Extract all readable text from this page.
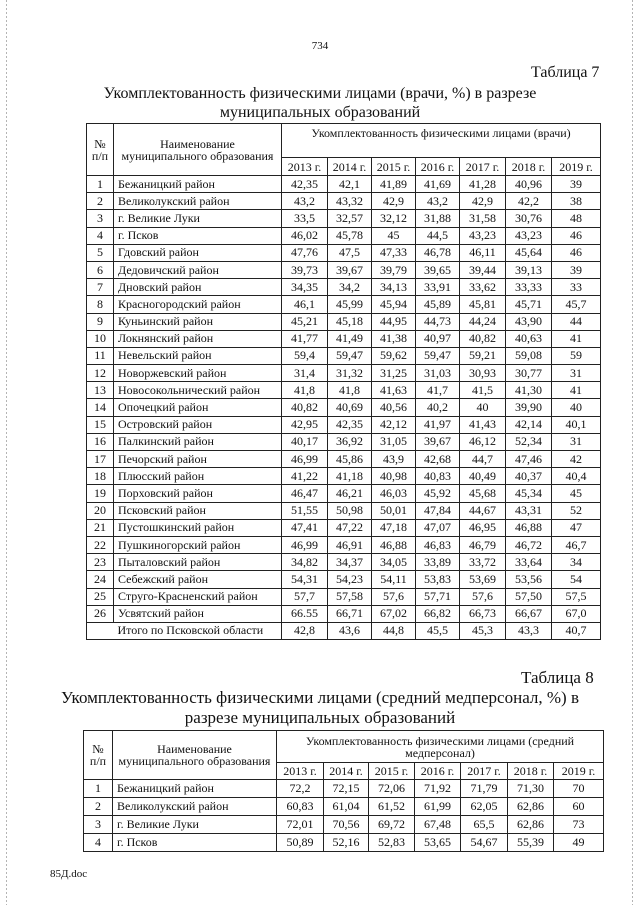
734
Таблица 7
Укомплектованность физическими лицами (врачи, %) в разрезе
муниципальных образований
№ п/п	Наименование муниципального образования	Укомплектованность физическими лицами (врачи)						
		2013 г.	2014 г.	2015 г.	2016 г.	2017 г.	2018 г.	2019 г.
1	Бежаницкий район	42,35	42,1	41,89	41,69	41,28	40,96	39
2	Великолукский район	43,2	43,32	42,9	43,2	42,9	42,2	38
3	г. Великие Луки	33,5	32,57	32,12	31,88	31,58	30,76	48
4	г. Псков	46,02	45,78	45	44,5	43,23	43,23	46
5	Гдовский район	47,76	47,5	47,33	46,78	46,11	45,64	46
6	Дедовичский район	39,73	39,67	39,79	39,65	39,44	39,13	39
7	Дновский район	34,35	34,2	34,13	33,91	33,62	33,33	33
8	Красногородский район	46,1	45,99	45,94	45,89	45,81	45,71	45,7
9	Куньинский район	45,21	45,18	44,95	44,73	44,24	43,90	44
10	Локнянский район	41,77	41,49	41,38	40,97	40,82	40,63	41
11	Невельский район	59,4	59,47	59,62	59,47	59,21	59,08	59
12	Новоржевский район	31,4	31,32	31,25	31,03	30,93	30,77	31
13	Новосокольнический район	41,8	41,8	41,63	41,7	41,5	41,30	41
14	Опочецкий район	40,82	40,69	40,56	40,2	40	39,90	40
15	Островский район	42,95	42,35	42,12	41,97	41,43	42,14	40,1
16	Палкинский район	40,17	36,92	31,05	39,67	46,12	52,34	31
17	Печорский район	46,99	45,86	43,9	42,68	44,7	47,46	42
18	Плюсский район	41,22	41,18	40,98	40,83	40,49	40,37	40,4
19	Порховский район	46,47	46,21	46,03	45,92	45,68	45,34	45
20	Псковский район	51,55	50,98	50,01	47,84	44,67	43,31	52
21	Пустошкинский район	47,41	47,22	47,18	47,07	46,95	46,88	47
22	Пушкиногорский район	46,99	46,91	46,88	46,83	46,79	46,72	46,7
23	Пыталовский район	34,82	34,37	34,05	33,89	33,72	33,64	34
24	Себежский район	54,31	54,23	54,11	53,83	53,69	53,56	54
25	Струго-Красненский район	57,7	57,58	57,6	57,71	57,6	57,50	57,5
26	Усвятский район	66.55	66,71	67,02	66,82	66,73	66,67	67,0
	Итого по Псковской области	42,8	43,6	44,8	45,5	45,3	43,3	40,7
Таблица 8
Укомплектованность физическими лицами (средний медперсонал, %) в
разрезе муниципальных образований
№ п/п	Наименование муниципального образования	Укомплектованность физическими лицами (средний медперсонал)						
		2013 г.	2014 г.	2015 г.	2016 г.	2017 г.	2018 г.	2019 г.
1	Бежаницкий район	72,2	72,15	72,06	71,92	71,79	71,30	70
2	Великолукский район	60,83	61,04	61,52	61,99	62,05	62,86	60
3	г. Великие Луки	72,01	70,56	69,72	67,48	65,5	62,86	73
4	г. Псков	50,89	52,16	52,83	53,65	54,67	55,39	49
85Д.doc
